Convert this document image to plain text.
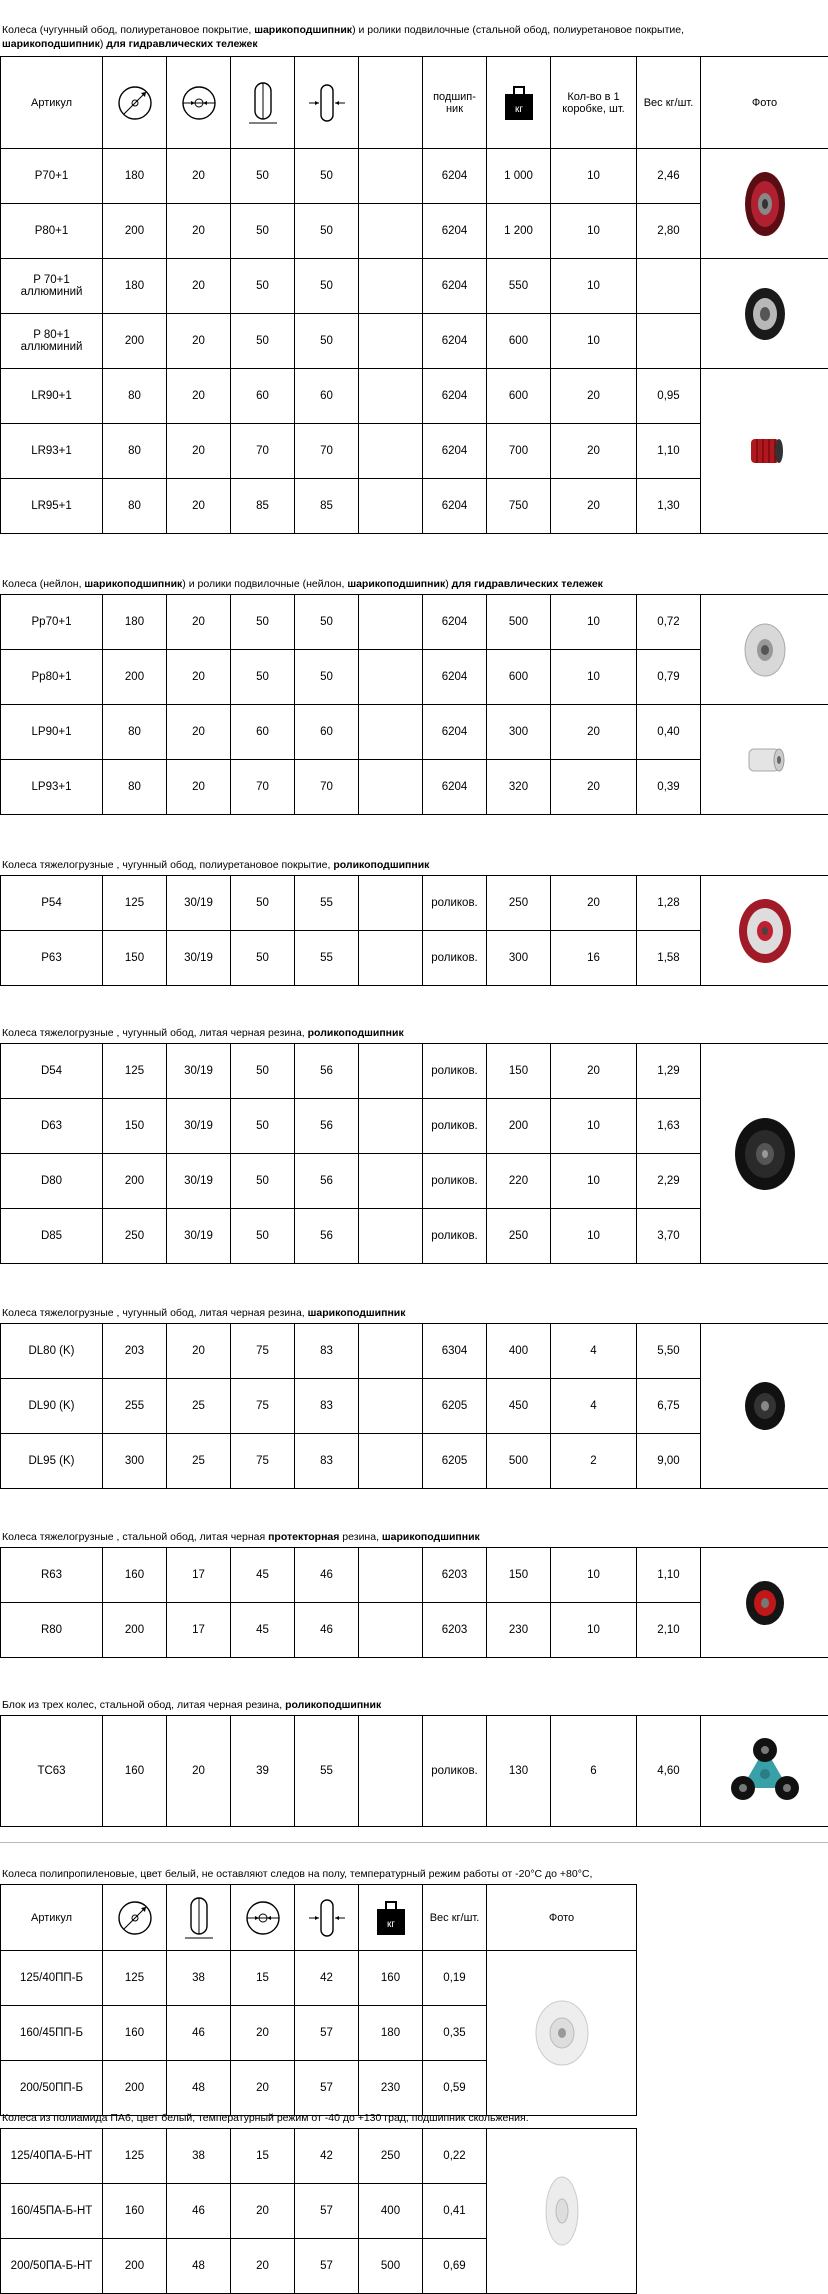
Колеса (чугунный обод, полиуретановое покрытие, шарикоподшипник) и ролики подвилочные (стальной обод, полиуретановое покрытие,
шарикоподшипник) для гидравлических тележек
Артикул						подшип-ник	кг	Кол-во в 1 коробке, шт.	Вес кг/шт.	Фото
P70+1	180	20	50	50		6204	1 000	10	2,46	

P80+1	200	20	50	50		6204	1 200	10	2,80	
P 70+1 аллюминий	180	20	50	50		6204	550	10		

P 80+1 аллюминий	200	20	50	50		6204	600	10		
LR90+1	80	20	60	60		6204	600	20	0,95	

LR93+1	80	20	70	70		6204	700	20	1,10	
LR95+1	80	20	85	85		6204	750	20	1,30	
Колеса (нейлон, шарикоподшипник) и ролики подвилочные (нейлон, шарикоподшипник) для гидравлических тележек
Pp70+1	180	20	50	50		6204	500	10	0,72	

Pp80+1	200	20	50	50		6204	600	10	0,79	
LP90+1	80	20	60	60		6204	300	20	0,40	

LP93+1	80	20	70	70		6204	320	20	0,39	
Колеса тяжелогрузные , чугунный обод, полиуретановое покрытие, роликоподшипник
P54	125	30/19	50	55		роликов.	250	20	1,28	

P63	150	30/19	50	55		роликов.	300	16	1,58	
Колеса тяжелогрузные , чугунный обод, литая черная резина, роликоподшипник
D54	125	30/19	50	56		роликов.	150	20	1,29	

D63	150	30/19	50	56		роликов.	200	10	1,63	
D80	200	30/19	50	56		роликов.	220	10	2,29	
D85	250	30/19	50	56		роликов.	250	10	3,70	
Колеса тяжелогрузные , чугунный обод, литая черная резина, шарикоподшипник
DL80 (K)	203	20	75	83		6304	400	4	5,50	

DL90 (K)	255	25	75	83		6205	450	4	6,75	
DL95 (K)	300	25	75	83		6205	500	2	9,00	
Колеса тяжелогрузные , стальной обод, литая черная протекторная резина, шарикоподшипник
R63	160	17	45	46		6203	150	10	1,10	

R80	200	17	45	46		6203	230	10	2,10	
Блок из трех колес, стальной обод, литая черная резина, роликоподшипник
TC63	160	20	39	55		роликов.	130	6	4,60	
Колеса полипропиленовые, цвет белый, не оставляют следов на полу, температурный режим работы от -20°С до +80°С,
Артикул					кг	Вес кг/шт.	Фото
125/40ПП-Б	125	38	15	42	160	0,19	

160/45ПП-Б	160	46	20	57	180	0,35	
200/50ПП-Б	200	48	20	57	230	0,59	
Колеса из полиамида ПА6, цвет белый, температурный режим от -40 до +130 град, подшипник скольжения.
125/40ПА-Б-НТ	125	38	15	42	250	0,22	

160/45ПА-Б-НТ	160	46	20	57	400	0,41	
200/50ПА-Б-НТ	200	48	20	57	500	0,69	
